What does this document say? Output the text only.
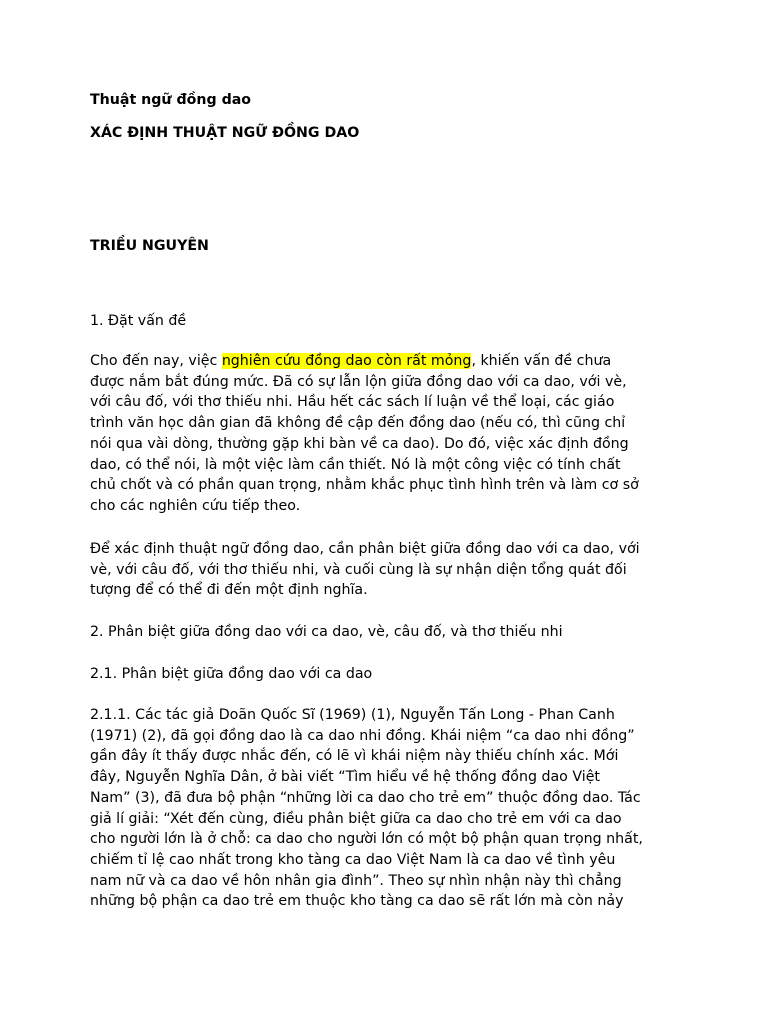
Thuật ngữ đồng dao
XÁC ĐỊNH THUẬT NGỮ ĐỒNG DAO
TRIỀU NGUYÊN
1. Đặt vấn đề
Cho đến nay, việc nghiên cứu đồng dao còn rất mỏng, khiến vấn đề chưa
được nắm bắt đúng mức. Đã có sự lẫn lộn giữa đồng dao với ca dao, với vè,
với câu đố, với thơ thiếu nhi. Hầu hết các sách lí luận về thể loại, các giáo
trình văn học dân gian đã không đề cập đến đồng dao (nếu có, thì cũng chỉ
nói qua vài dòng, thường gặp khi bàn về ca dao). Do đó, việc xác định đồng
dao, có thể nói, là một việc làm cần thiết. Nó là một công việc có tính chất
chủ chốt và có phần quan trọng, nhằm khắc phục tình hình trên và làm cơ sở
cho các nghiên cứu tiếp theo.
Để xác định thuật ngữ đồng dao, cần phân biệt giữa đồng dao với ca dao, với
vè, với câu đố, với thơ thiếu nhi, và cuối cùng là sự nhận diện tổng quát đối
tượng để có thể đi đến một định nghĩa.
2. Phân biệt giữa đồng dao với ca dao, vè, câu đố, và thơ thiếu nhi
2.1. Phân biệt giữa đồng dao với ca dao
2.1.1. Các tác giả Doãn Quốc Sĩ (1969) (1), Nguyễn Tấn Long - Phan Canh
(1971) (2), đã gọi đồng dao là ca dao nhi đồng. Khái niệm “ca dao nhi đồng”
gần đây ít thấy được nhắc đến, có lẽ vì khái niệm này thiếu chính xác. Mới
đây, Nguyễn Nghĩa Dân, ở bài viết “Tìm hiểu về hệ thống đồng dao Việt
Nam” (3), đã đưa bộ phận “những lời ca dao cho trẻ em” thuộc đồng dao. Tác
giả lí giải: “Xét đến cùng, điều phân biệt giữa ca dao cho trẻ em với ca dao
cho người lớn là ở chỗ: ca dao cho người lớn có một bộ phận quan trọng nhất,
chiếm tỉ lệ cao nhất trong kho tàng ca dao Việt Nam là ca dao về tình yêu
nam nữ và ca dao về hôn nhân gia đình”. Theo sự nhìn nhận này thì chẳng
những bộ phận ca dao trẻ em thuộc kho tàng ca dao sẽ rất lớn mà còn nảy
